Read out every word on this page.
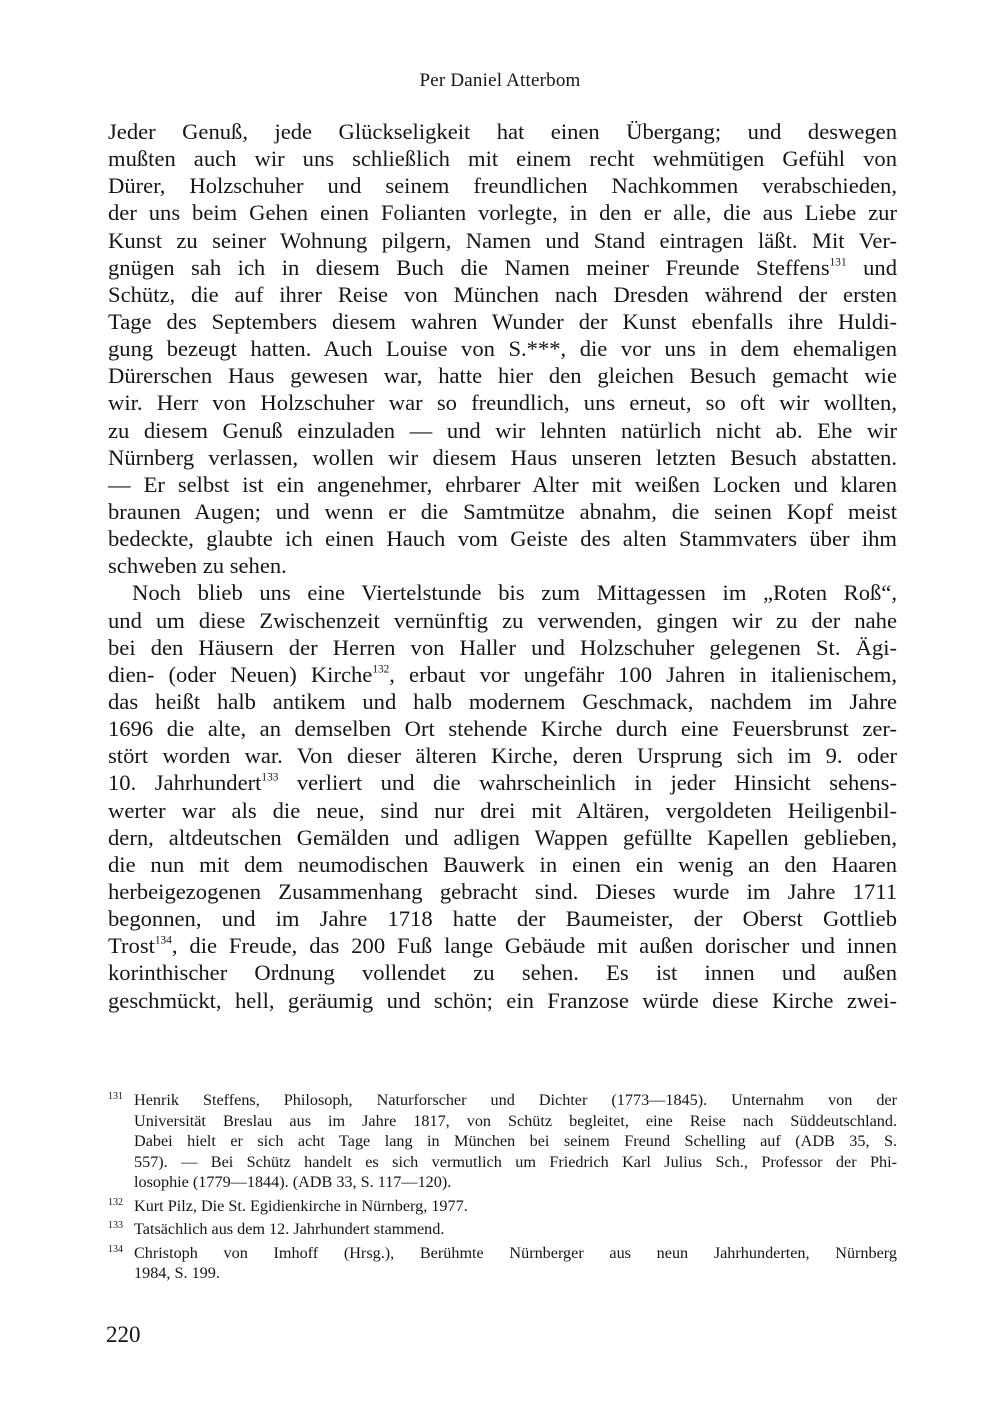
Per Daniel Atterbom
Jeder Genuß, jede Glückseligkeit hat einen Übergang; und deswegen
mußten auch wir uns schließlich mit einem recht wehmütigen Gefühl von
Dürer, Holzschuher und seinem freundlichen Nachkommen verabschieden,
der uns beim Gehen einen Folianten vorlegte, in den er alle, die aus Liebe zur
Kunst zu seiner Wohnung pilgern, Namen und Stand eintragen läßt. Mit Ver-
gnügen sah ich in diesem Buch die Namen meiner Freunde Steffens$^{131}$ und
Schütz, die auf ihrer Reise von München nach Dresden während der ersten
Tage des Septembers diesem wahren Wunder der Kunst ebenfalls ihre Huldi-
gung bezeugt hatten. Auch Louise von S.***, die vor uns in dem ehemaligen
Dürerschen Haus gewesen war, hatte hier den gleichen Besuch gemacht wie
wir. Herr von Holzschuher war so freundlich, uns erneut, so oft wir wollten,
zu diesem Genuß einzuladen — und wir lehnten natürlich nicht ab. Ehe wir
Nürnberg verlassen, wollen wir diesem Haus unseren letzten Besuch abstatten.
— Er selbst ist ein angenehmer, ehrbarer Alter mit weißen Locken und klaren
braunen Augen; und wenn er die Samtmütze abnahm, die seinen Kopf meist
bedeckte, glaubte ich einen Hauch vom Geiste des alten Stammvaters über ihm
schweben zu sehen.
Noch blieb uns eine Viertelstunde bis zum Mittagessen im „Roten Roß“,
und um diese Zwischenzeit vernünftig zu verwenden, gingen wir zu der nahe
bei den Häusern der Herren von Haller und Holzschuher gelegenen St. Ägi-
dien- (oder Neuen) Kirche$^{132}$, erbaut vor ungefähr 100 Jahren in italienischem,
das heißt halb antikem und halb modernem Geschmack, nachdem im Jahre
1696 die alte, an demselben Ort stehende Kirche durch eine Feuersbrunst zer-
stört worden war. Von dieser älteren Kirche, deren Ursprung sich im 9. oder
10. Jahrhundert$^{133}$ verliert und die wahrscheinlich in jeder Hinsicht sehens-
werter war als die neue, sind nur drei mit Altären, vergoldeten Heiligenbil-
dern, altdeutschen Gemälden und adligen Wappen gefüllte Kapellen geblieben,
die nun mit dem neumodischen Bauwerk in einen ein wenig an den Haaren
herbeigezogenen Zusammenhang gebracht sind. Dieses wurde im Jahre 1711
begonnen, und im Jahre 1718 hatte der Baumeister, der Oberst Gottlieb
Trost$^{134}$, die Freude, das 200 Fuß lange Gebäude mit außen dorischer und innen
korinthischer Ordnung vollendet zu sehen. Es ist innen und außen
geschmückt, hell, geräumig und schön; ein Franzose würde diese Kirche zwei-
131 Henrik Steffens, Philosoph, Naturforscher und Dichter (1773—1845). Unternahm von der
Universität Breslau aus im Jahre 1817, von Schütz begleitet, eine Reise nach Süddeutschland.
Dabei hielt er sich acht Tage lang in München bei seinem Freund Schelling auf (ADB 35, S.
557). — Bei Schütz handelt es sich vermutlich um Friedrich Karl Julius Sch., Professor der Phi-
losophie (1779—1844). (ADB 33, S. 117—120).
132 Kurt Pilz, Die St. Egidienkirche in Nürnberg, 1977.
133 Tatsächlich aus dem 12. Jahrhundert stammend.
134 Christoph von Imhoff (Hrsg.), Berühmte Nürnberger aus neun Jahrhunderten, Nürnberg
1984, S. 199.
220
